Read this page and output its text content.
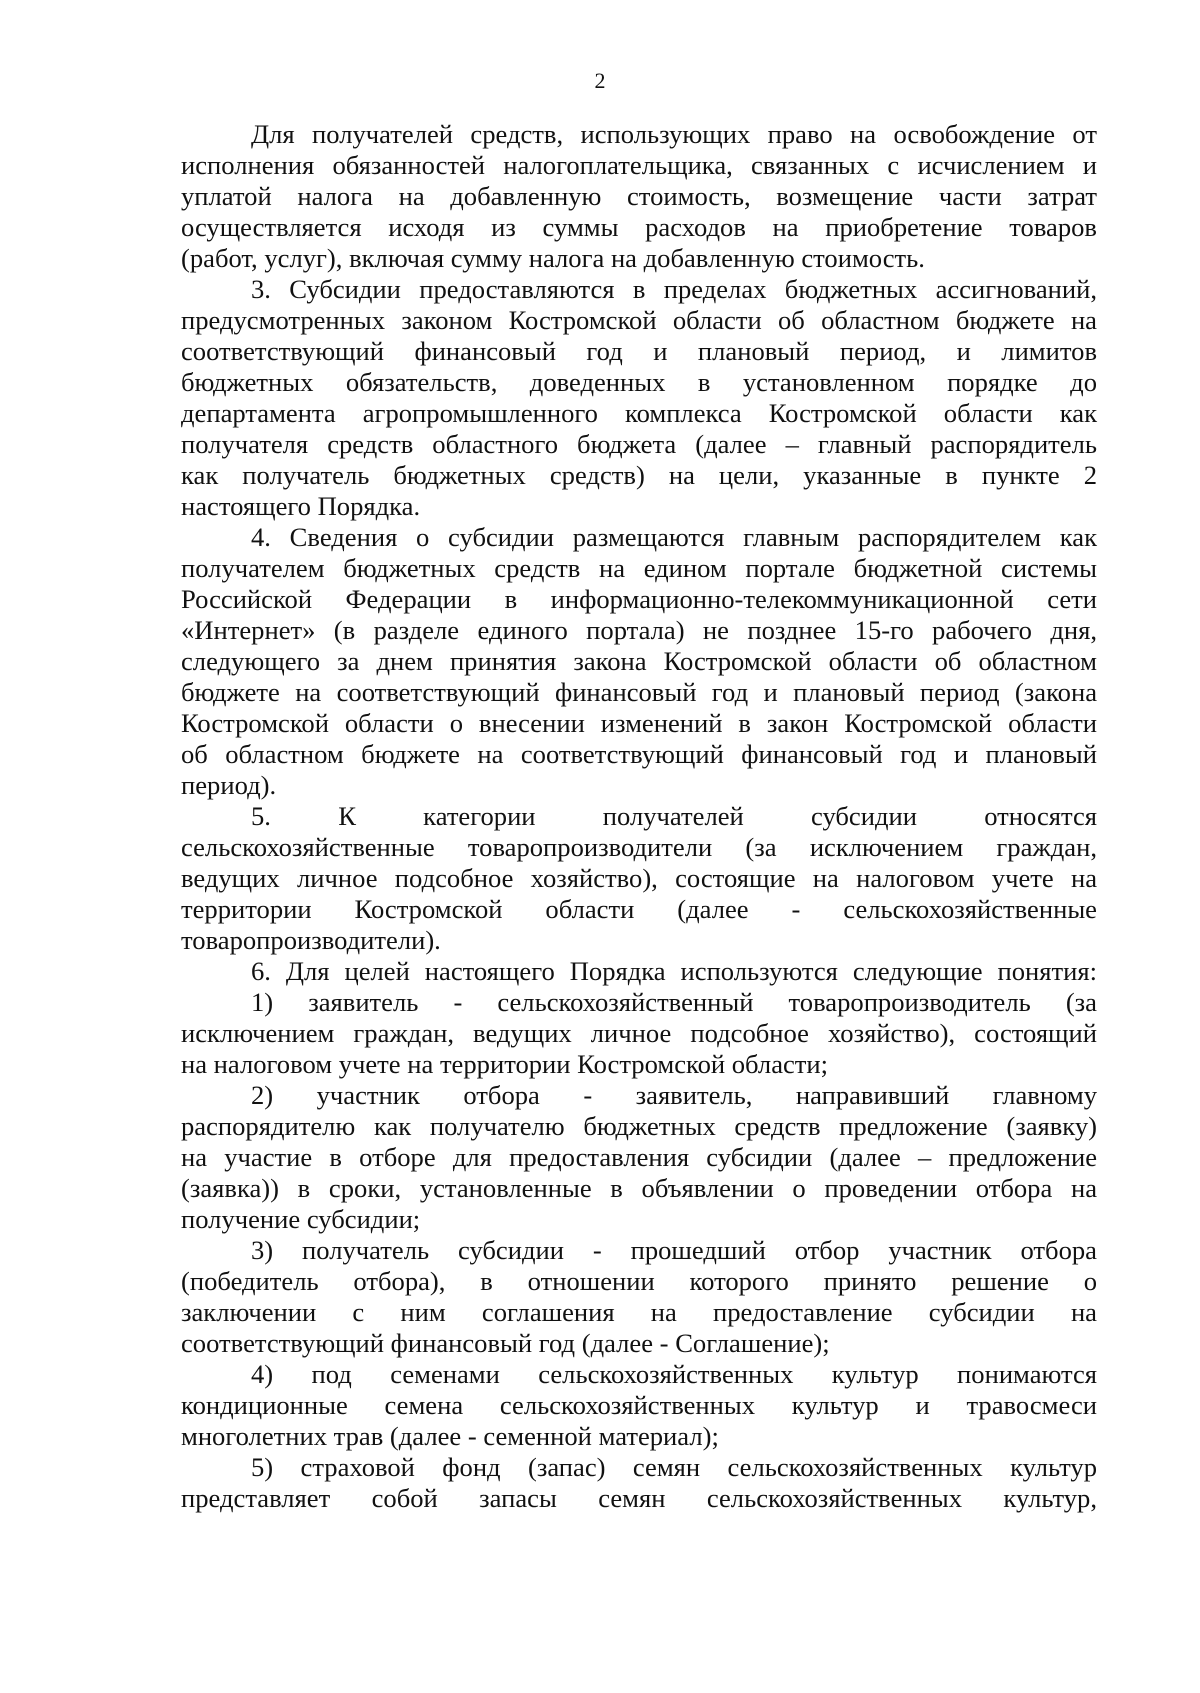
2
Для получателей средств, использующих право на освобождение от
исполнения обязанностей налогоплательщика, связанных с исчислением и
уплатой налога на добавленную стоимость, возмещение части затрат
осуществляется исходя из суммы расходов на приобретение товаров
(работ, услуг), включая сумму налога на добавленную стоимость.
3. Субсидии предоставляются в пределах бюджетных ассигнований,
предусмотренных законом Костромской области об областном бюджете на
соответствующий финансовый год и плановый период, и лимитов
бюджетных обязательств, доведенных в установленном порядке до
департамента агропромышленного комплекса Костромской области как
получателя средств областного бюджета (далее – главный распорядитель
как получатель бюджетных средств) на цели, указанные в пункте 2
настоящего Порядка.
4. Сведения о субсидии размещаются главным распорядителем как
получателем бюджетных средств на едином портале бюджетной системы
Российской Федерации в информационно-телекоммуникационной сети
«Интернет» (в разделе единого портала) не позднее 15-го рабочего дня,
следующего за днем принятия закона Костромской области об областном
бюджете на соответствующий финансовый год и плановый период (закона
Костромской области о внесении изменений в закон Костромской области
об областном бюджете на соответствующий финансовый год и плановый
период).
5. К категории получателей субсидии относятся
сельскохозяйственные товаропроизводители (за исключением граждан,
ведущих личное подсобное хозяйство), состоящие на налоговом учете на
территории Костромской области (далее - сельскохозяйственные
товаропроизводители).
6. Для целей настоящего Порядка используются следующие понятия:
1) заявитель - сельскохозяйственный товаропроизводитель (за
исключением граждан, ведущих личное подсобное хозяйство), состоящий
на налоговом учете на территории Костромской области;
2) участник отбора - заявитель, направивший главному
распорядителю как получателю бюджетных средств предложение (заявку)
на участие в отборе для предоставления субсидии (далее – предложение
(заявка)) в сроки, установленные в объявлении о проведении отбора на
получение субсидии;
3) получатель субсидии - прошедший отбор участник отбора
(победитель отбора), в отношении которого принято решение о
заключении с ним соглашения на предоставление субсидии на
соответствующий финансовый год (далее - Соглашение);
4) под семенами сельскохозяйственных культур понимаются
кондиционные семена сельскохозяйственных культур и травосмеси
многолетних трав (далее - семенной материал);
5) страховой фонд (запас) семян сельскохозяйственных культур
представляет собой запасы семян сельскохозяйственных культур,
